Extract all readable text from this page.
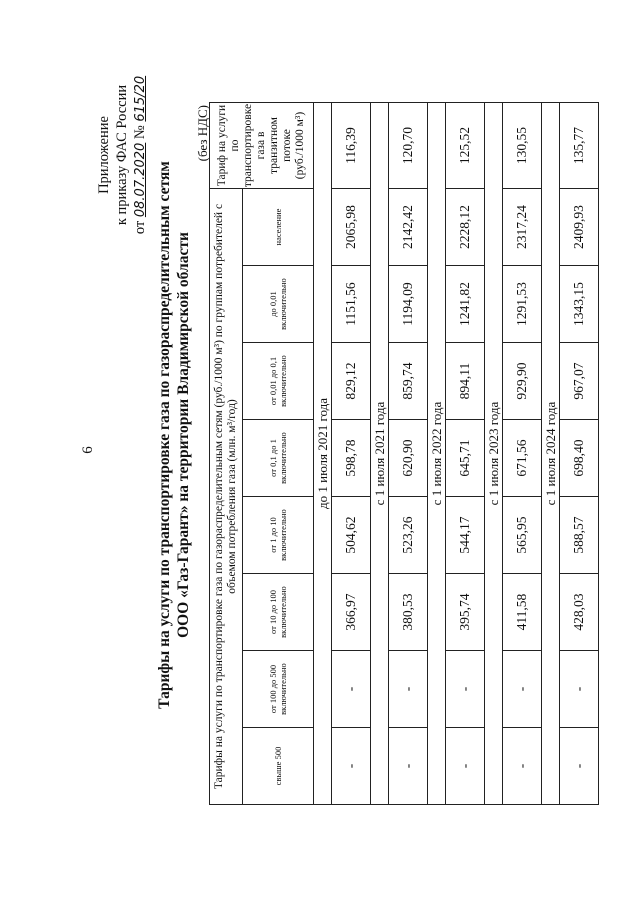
6
Приложение к приказу ФАС России
от 08.07.2020 № 615/20
Тарифы на услуги по транспортировке газа по газораспределительным сетям ООО «Газ-Гарант» на территории Владимирской области
(без НДС)
Тарифы на услуги по транспортировке газа по газораспределительным сетям (руб./1000 м³) по группам потребителей с объемом потребления газа (млн. м³/год)								Тариф на услуги по транспортировке газа в транзитном потоке (руб./1000 м³)
свыше 500	от 100 до 500 включительно	от 10 до 100 включительно	от 1 до 10 включительно	от 0,1 до 1 включительно	от 0,01 до 0,1 включительно	до 0,01 включительно	население	
до 1 июля 2021 года								
-	-	366,97	504,62	598,78	829,12	1151,56	2065,98	116,39
с 1 июля 2021 года								
-	-	380,53	523,26	620,90	859,74	1194,09	2142,42	120,70
с 1 июля 2022 года								
-	-	395,74	544,17	645,71	894,11	1241,82	2228,12	125,52
с 1 июля 2023 года								
-	-	411,58	565,95	671,56	929,90	1291,53	2317,24	130,55
с 1 июля 2024 года								
-	-	428,03	588,57	698,40	967,07	1343,15	2409,93	135,77
